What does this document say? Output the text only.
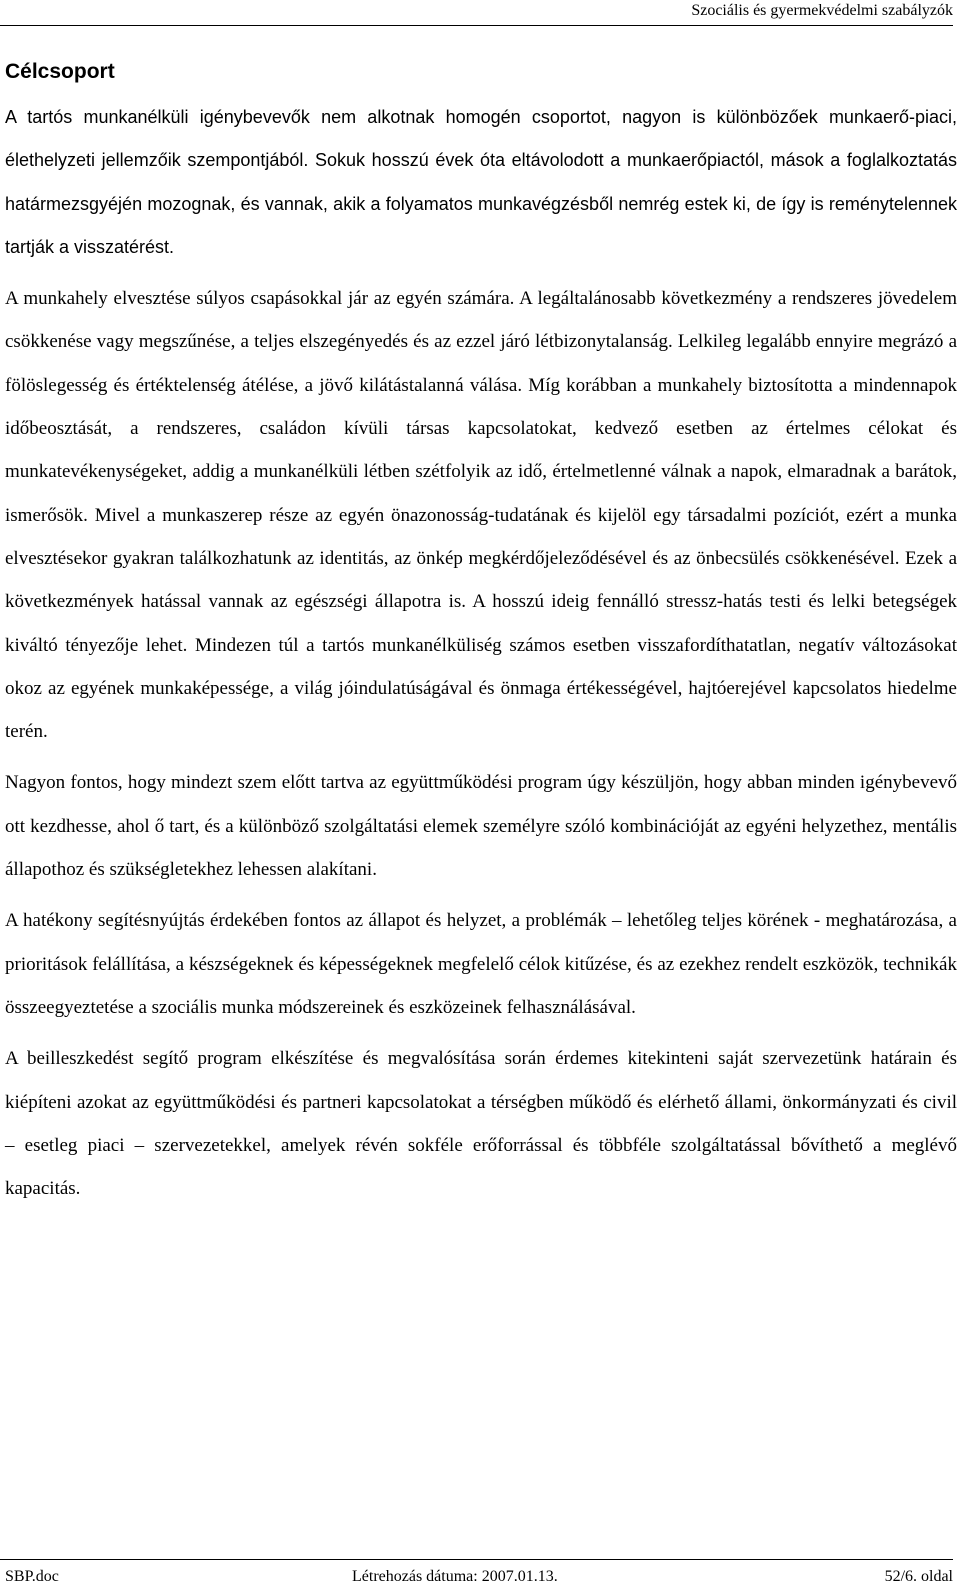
Szociális és gyermekvédelmi szabályzók
Célcsoport

A tartós munkanélküli igénybevevők nem alkotnak homogén csoportot, nagyon is különbözőek munkaerő-piaci, élethelyzeti jellemzőik szempontjából. Sokuk hosszú évek óta eltávolodott a munkaerőpiactól, mások a foglalkoztatás határmezsgyéjén mozognak, és vannak, akik a folyamatos munkavégzésből nemrég estek ki, de így is reménytelennek tartják a visszatérést.

A munkahely elvesztése súlyos csapásokkal jár az egyén számára. A legáltalánosabb következmény a rendszeres jövedelem csökkenése vagy megszűnése, a teljes elszegényedés és az ezzel járó létbizonytalanság. Lelkileg legalább ennyire megrázó a fölöslegesség és értéktelenség átélése, a jövő kilátástalanná válása. Míg korábban a munkahely biztosította a mindennapok időbeosztását, a rendszeres, családon kívüli társas kapcsolatokat, kedvező esetben az értelmes célokat és munkatevékenységeket, addig a munkanélküli létben szétfolyik az idő, értelmetlenné válnak a napok, elmaradnak a barátok, ismerősök. Mivel a munkaszerep része az egyén önazonosság-tudatának és kijelöl egy társadalmi pozíciót, ezért a munka elvesztésekor gyakran találkozhatunk az identitás, az önkép megkérdőjeleződésével és az önbecsülés csökkenésével. Ezek a következmények hatással vannak az egészségi állapotra is. A hosszú ideig fennálló stressz-hatás testi és lelki betegségek kiváltó tényezője lehet. Mindezen túl a tartós munkanélküliség számos esetben visszafordíthatatlan, negatív változásokat okoz az egyének munkaképessége, a világ jóindulatúságával és önmaga értékességével, hajtóerejével kapcsolatos hiedelme terén.

Nagyon fontos, hogy mindezt szem előtt tartva az együttműködési program úgy készüljön, hogy abban minden igénybevevő ott kezdhesse, ahol ő tart, és a különböző szolgáltatási elemek személyre szóló kombinációját az egyéni helyzethez, mentális állapothoz és szükségletekhez lehessen alakítani.

A hatékony segítésnyújtás érdekében fontos az állapot és helyzet, a problémák – lehetőleg teljes körének - meghatározása, a prioritások felállítása, a készségeknek és képességeknek megfelelő célok kitűzése, és az ezekhez rendelt eszközök, technikák összeegyeztetése a szociális munka módszereinek és eszközeinek felhasználásával.

A beilleszkedést segítő program elkészítése és megvalósítása során érdemes kitekinteni saját szervezetünk határain és kiépíteni azokat az együttműködési és partneri kapcsolatokat a térségben működő és elérhető állami, önkormányzati és civil – esetleg piaci – szervezetekkel, amelyek révén sokféle erőforrással és többféle szolgáltatással bővíthető a meglévő kapacitás.

SBP.doc	Létrehozás dátuma: 2007.01.13.	52/6. oldal
